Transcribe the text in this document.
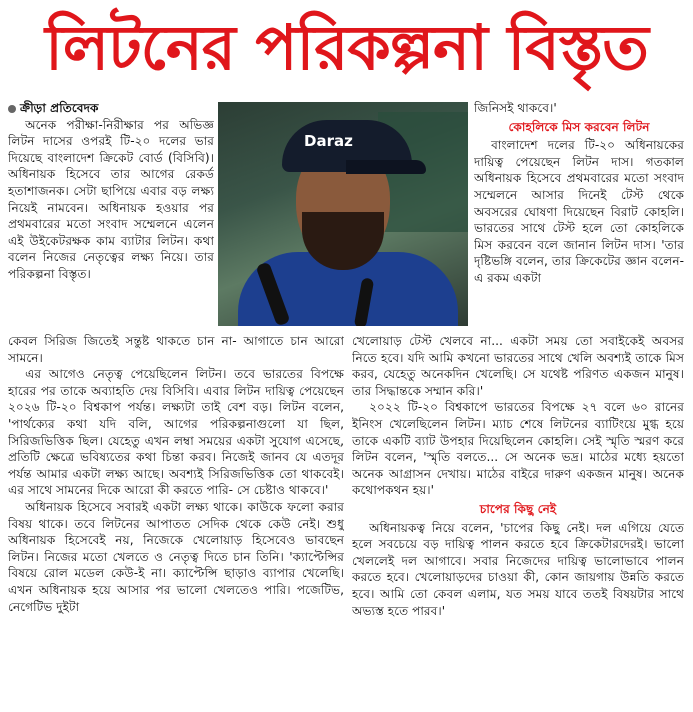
লিটনের পরিকল্পনা বিস্তৃত

ক্রীড়া প্রতিবেদক

অনেক পরীক্ষা-নিরীক্ষার পর অভিজ্ঞ লিটন দাসের ওপরই টি-২০ দলের ভার দিয়েছে বাংলাদেশ ক্রিকেট বোর্ড (বিসিবি)। অধিনায়ক হিসেবে তার আগের রেকর্ড হতাশাজনক। সেটা ছাপিয়ে এবার বড় লক্ষ্য নিয়েই নামবেন। অধিনায়ক হওয়ার পর প্রথমবারের মতো সংবাদ সম্মেলনে এলেন এই উইকেটরক্ষক কাম ব্যাটার লিটন। কথা বলেন নিজের নেতৃত্বের লক্ষ্য নিয়ে। তার পরিকল্পনা বিস্তৃত।

Daraz

জিনিসই থাকবে।'

কোহলিকে মিস করবেন লিটন

বাংলাদেশ দলের টি-২০ অধিনায়কের দায়িত্ব পেয়েছেন লিটন দাস। গতকাল অধিনায়ক হিসেবে প্রথমবারের মতো সংবাদ সম্মেলনে আসার দিনেই টেস্ট থেকে অবসরের ঘোষণা দিয়েছেন বিরাট কোহলি। ভারতের সাথে টেস্ট হলে তো কোহলিকে মিস করবেন বলে জানান লিটন দাস। 'তার দৃষ্টিভঙ্গি বলেন, তার ক্রিকেটের জ্ঞান বলেন- এ রকম একটা

কেবল সিরিজ জিতেই সন্তুষ্ট থাকতে চান না- আগাতে চান আরো সামনে।

এর আগেও নেতৃত্ব পেয়েছিলেন লিটন। তবে ভারতের বিপক্ষে হারের পর তাকে অব্যাহতি দেয় বিসিবি। এবার লিটন দায়িত্ব পেয়েছেন ২০২৬ টি-২০ বিশ্বকাপ পর্যন্ত। লক্ষ্যটা তাই বেশ বড়। লিটন বলেন, 'পার্থক্যের কথা যদি বলি, আগের পরিকল্পনাগুলো যা ছিল, সিরিজভিত্তিক ছিল। যেহেতু এখন লম্বা সময়ের একটা সুযোগ এসেছে, প্রতিটি ক্ষেত্রে ভবিষ্যতের কথা চিন্তা করব। নিজেই জানব যে এতদূর পর্যন্ত আমার একটা লক্ষ্য আছে। অবশ্যই সিরিজভিত্তিক তো থাকবেই। এর সাথে সামনের দিকে আরো কী করতে পারি- সে চেষ্টাও থাকবে।'

অধিনায়ক হিসেবে সবারই একটা লক্ষ্য থাকে। কাউকে ফলো করার বিষয় থাকে। তবে লিটনের আপাতত সেদিক থেকে কেউ নেই। শুধু অধিনায়ক হিসেবেই নয়, নিজেকে খেলোয়াড় হিসেবেও ভাবছেন লিটন। নিজের মতো খেলতে ও নেতৃত্ব দিতে চান তিনি। 'ক্যাপ্টেন্সির বিষয়ে রোল মডেল কেউ-ই না। ক্যাপ্টেন্সি ছাড়াও ব্যাপার খেলেছি। এখন অধিনায়ক হয়ে আসার পর ভালো খেলতেও পারি। পজেটিভ, নেগেটিভ দুইটা

খেলোয়াড় টেস্ট খেলবে না... একটা সময় তো সবাইকেই অবসর নিতে হবে। যদি আমি কখনো ভারতের সাথে খেলি অবশ্যই তাকে মিস করব, যেহেতু অনেকদিন খেলেছি। সে যথেষ্ট পরিণত একজন মানুষ। তার সিদ্ধান্তকে সম্মান করি।'

২০২২ টি-২০ বিশ্বকাপে ভারতের বিপক্ষে ২৭ বলে ৬০ রানের ইনিংস খেলেছিলেন লিটন। ম্যাচ শেষে লিটনের ব্যাটিংয়ে মুগ্ধ হয়ে তাকে একটি ব্যাট উপহার দিয়েছিলেন কোহলি। সেই স্মৃতি স্মরণ করে লিটন বলেন, 'স্মৃতি বলতে... সে অনেক ভদ্র। মাঠের মধ্যে হয়তো অনেক আগ্রাসন দেখায়। মাঠের বাইরে দারুণ একজন মানুষ। অনেক কথোপকথন হয়।'

চাপের কিছু নেই

অধিনায়কত্ব নিয়ে বলেন, 'চাপের কিছু নেই। দল এগিয়ে যেতে হলে সবচেয়ে বড় দায়িত্ব পালন করতে হবে ক্রিকেটারদেরই। ভালো খেললেই দল আগাবে। সবার নিজেদের দায়িত্ব ভালোভাবে পালন করতে হবে। খেলোয়াড়দের চাওয়া কী, কোন জায়গায় উন্নতি করতে হবে। আমি তো কেবল এলাম, যত সময় যাবে ততই বিষয়টার সাথে অভ্যস্ত হতে পারব।'
